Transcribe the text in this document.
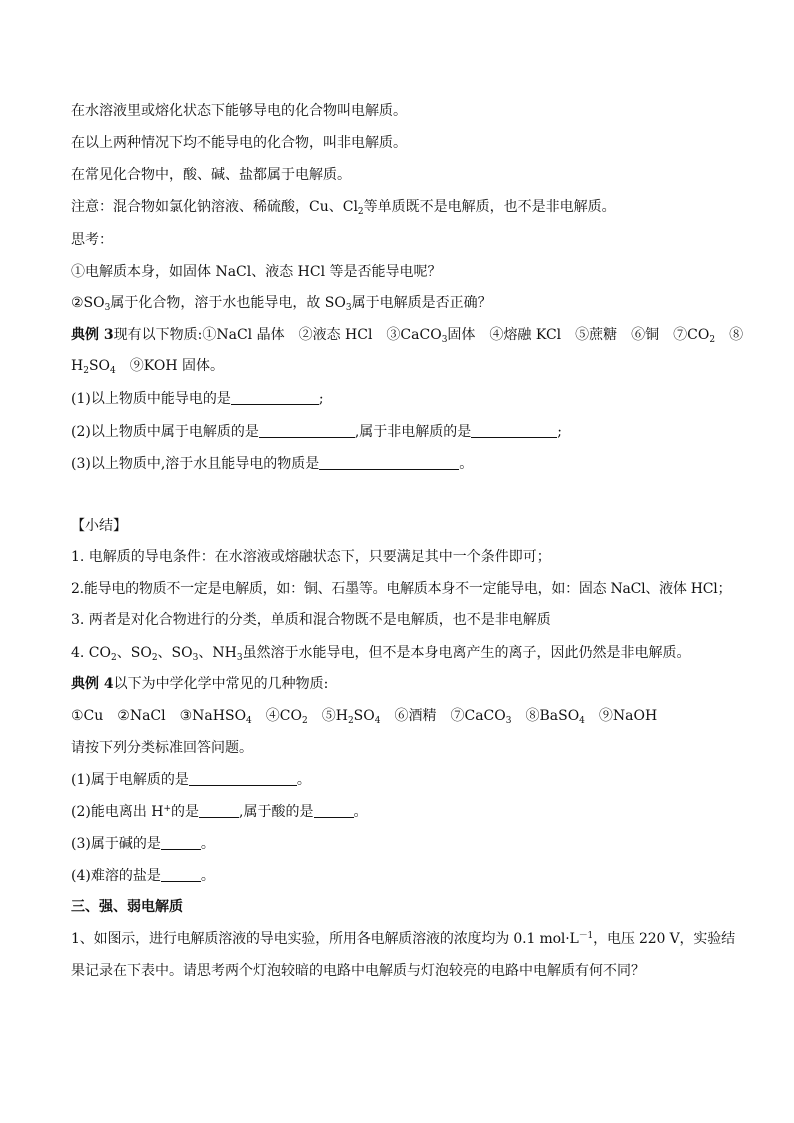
在水溶液里或熔化状态下能够导电的化合物叫电解质。
在以上两种情况下均不能导电的化合物，叫非电解质。
在常见化合物中，酸、碱、盐都属于电解质。
注意：混合物如氯化钠溶液、稀硫酸，Cu、$Cl_2$等单质既不是电解质，也不是非电解质。
思考：
①电解质本身，如固体 NaCl、液态 HCl 等是否能导电呢？
$②SO_3$属于化合物，溶于水也能导电，故 $SO_3$属于电解质是否正确？
典例 3现有以下物质:①NaCl 晶体　②液态 HCl　③CaCO$_3$固体　④熔融 KCl　⑤蔗糖　⑥铜　$⑦CO_2$　⑧
$H_2SO_4$　⑨KOH 固体。
(1)以上物质中能导电的是	;
(2)以上物质中属于电解质的是	,属于非电解质的是	;
(3)以上物质中,溶于水且能导电的物质是	。
【小结】
1. 电解质的导电条件：在水溶液或熔融状态下，只要满足其中一个条件即可；
2.能导电的物质不一定是电解质，如：铜、石墨等。电解质本身不一定能导电，如：固态 NaCl、液体 HCl；
3. 两者是对化合物进行的分类，单质和混合物既不是电解质，也不是非电解质
4. $CO_2$、$SO_2$、$SO_3$、$NH_3$虽然溶于水能导电，但不是本身电离产生的离子，因此仍然是非电解质。
典例 4以下为中学化学中常见的几种物质:
①Cu　②NaCl　③NaHSO$_4$　$④CO_2$　$⑤H_2SO_4$　⑥酒精　⑦CaCO$_3$　⑧BaSO$_4$　⑨NaOH
请按下列分类标准回答问题。
(1)属于电解质的是	。
(2)能电离出 H+的是	,属于酸的是	。
(3)属于碱的是	。
(4)难溶的盐是	。
三、强、弱电解质
1、如图示，进行电解质溶液的导电实验，所用各电解质溶液的浓度均为 0.1 $mol\cdot L^{-1}$，电压 220 V，实验结
果记录在下表中。请思考两个灯泡较暗的电路中电解质与灯泡较亮的电路中电解质有何不同？
